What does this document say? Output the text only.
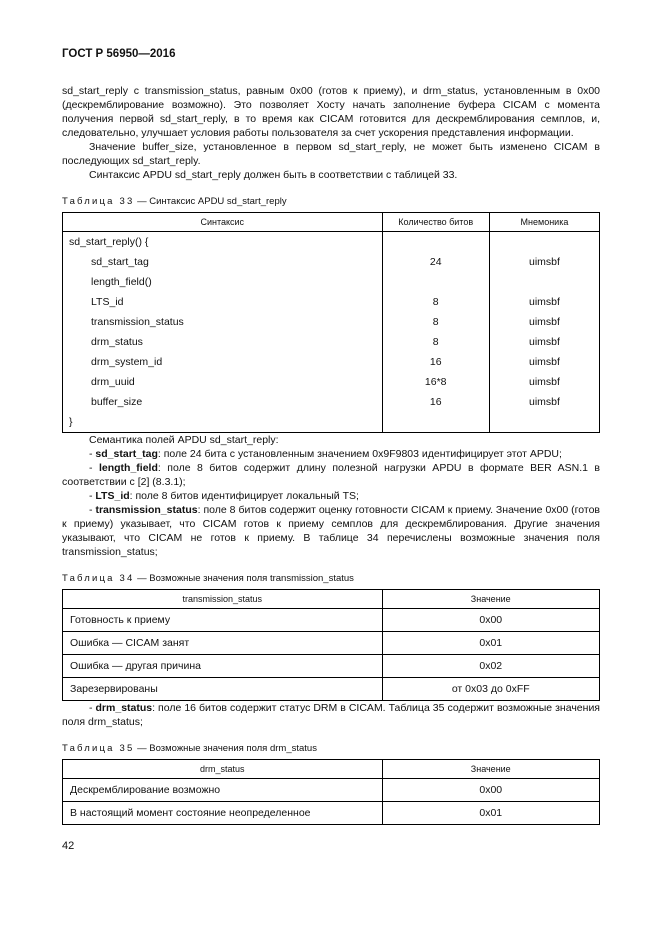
ГОСТ Р 56950—2016

sd_start_reply с transmission_status, равным 0x00 (готов к приему), и drm_status, установленным в 0x00 (дескремблирование возможно). Это позволяет Хосту начать заполнение буфера CICAM с момента получения первой sd_start_reply, в то время как CICAM готовится для дескремблирования семплов, и, следовательно, улучшает условия работы пользователя за счет ускорения представления информации.

Значение buffer_size, установленное в первом sd_start_reply, не может быть изменено CICAM в последующих sd_start_reply.

Синтаксис APDU sd_start_reply должен быть в соответствии с таблицей 33.

Таблица 33 — Синтаксис APDU sd_start_reply
Синтаксис	Количество битов	Мнемоника
sd_start_reply() {		
sd_start_tag	24	uimsbf
length_field()		
LTS_id	8	uimsbf
transmission_status	8	uimsbf
drm_status	8	uimsbf
drm_system_id	16	uimsbf
drm_uuid	16*8	uimsbf
buffer_size	16	uimsbf
}		

Семантика полей APDU sd_start_reply:

- sd_start_tag: поле 24 бита с установленным значением 0x9F9803 идентифицирует этот APDU;

- length_field: поле 8 битов содержит длину полезной нагрузки APDU в формате BER ASN.1 в соответствии с [2] (8.3.1);

- LTS_id: поле 8 битов идентифицирует локальный TS;

- transmission_status: поле 8 битов содержит оценку готовности CICAM к приему. Значение 0x00 (готов к приему) указывает, что CICAM готов к приему семплов для дескремблирования. Другие значения указывают, что CICAM не готов к приему. В таблице 34 перечислены возможные значения поля transmission_status;

Таблица 34 — Возможные значения поля transmission_status
transmission_status	Значение
Готовность к приему	0x00
Ошибка — CICAM занят	0x01
Ошибка — другая причина	0x02
Зарезервированы	от 0x03 до 0xFF

- drm_status: поле 16 битов содержит статус DRM в CICAM. Таблица 35 содержит возможные значения поля drm_status;

Таблица 35 — Возможные значения поля drm_status
drm_status	Значение
Дескремблирование возможно	0x00
В настоящий момент состояние неопределенное	0x01
42
